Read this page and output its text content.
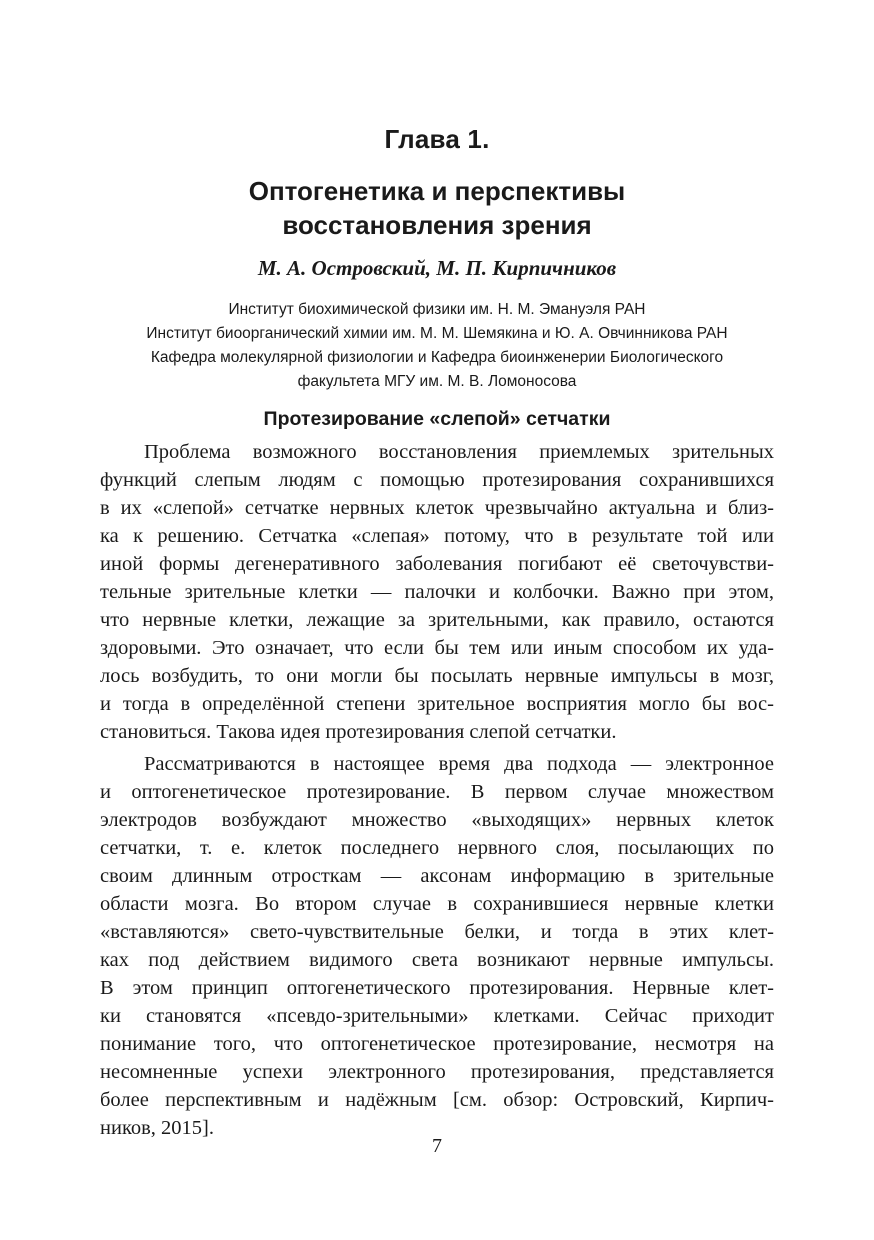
Глава 1.
Оптогенетика и перспективы
восстановления зрения
М. А. Островский, М. П. Кирпичников
Институт биохимической физики им. Н. М. Эмануэля РАН
Институт биоорганический химии им. М. М. Шемякина и Ю. А. Овчинникова РАН
Кафедра молекулярной физиологии и Кафедра биоинженерии Биологического
факультета МГУ им. М. В. Ломоносова
Протезирование «слепой» сетчатки
Проблема возможного восстановления приемлемых зрительных
функций слепым людям с помощью протезирования сохранившихся
в их «слепой» сетчатке нервных клеток чрезвычайно актуальна и близ-
ка к решению. Сетчатка «слепая» потому, что в результате той или
иной формы дегенеративного заболевания погибают её светочувстви-
тельные зрительные клетки — палочки и колбочки. Важно при этом,
что нервные клетки, лежащие за зрительными, как правило, остаются
здоровыми. Это означает, что если бы тем или иным способом их уда-
лось возбудить, то они могли бы посылать нервные импульсы в мозг,
и тогда в определённой степени зрительное восприятия могло бы вос-
становиться. Такова идея протезирования слепой сетчатки.
Рассматриваются в настоящее время два подхода — электронное
и оптогенетическое протезирование. В первом случае множеством
электродов возбуждают множество «выходящих» нервных клеток
сетчатки, т. е. клеток последнего нервного слоя, посылающих по
своим длинным отросткам — аксонам информацию в зрительные
области мозга. Во втором случае в сохранившиеся нервные клетки
«вставляются» свето-чувствительные белки, и тогда в этих клет-
ках под действием видимого света возникают нервные импульсы.
В этом принцип оптогенетического протезирования. Нервные клет-
ки становятся «псевдо-зрительными» клетками. Сейчас приходит
понимание того, что оптогенетическое протезирование, несмотря на
несомненные успехи электронного протезирования, представляется
более перспективным и надёжным [см. обзор: Островский, Кирпич-
ников, 2015].
7
